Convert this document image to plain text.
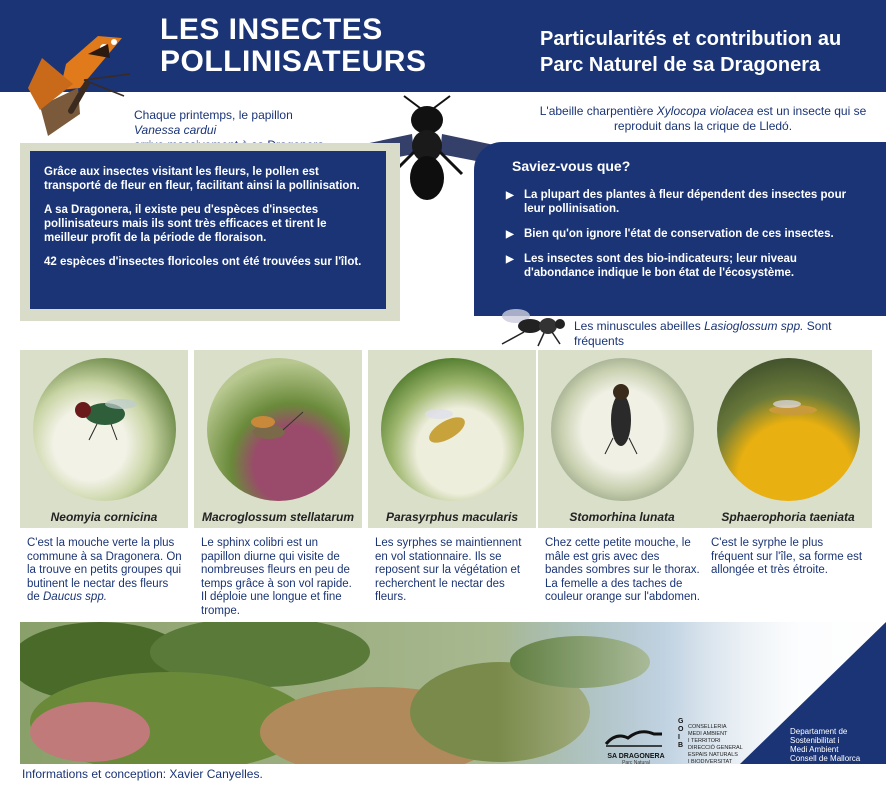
LES INSECTES
POLLINISATEURS
Particularités et contribution au
Parc Naturel de sa Dragonera
Chaque printemps, le papillon Vanessa cardui

L'abeille charpentière Xylocopa violacea est un insecte qui se
reproduit dans la crique de Lledó.

Grâce aux insectes visitant les fleurs, le pollen est transporté de fleur en fleur, facilitant ainsi la pollinisation.

A sa Dragonera, il existe peu d'espèces d'insectes pollinisateurs mais ils sont très efficaces et tirent le meilleur profit de la période de floraison.

42 espèces d'insectes floricoles ont été trouvées sur l'îlot.

Saviez-vous que?
▶ La plupart des plantes à fleur dépendent des insectes pour leur pollinisation.
▶ Bien qu'on ignore l'état de conservation de ces insectes.
▶ Les insectes sont des bio-indicateurs; leur niveau d'abondance indique le bon état de l'écosystème.
Les minuscules abeilles Lasioglossum spp. Sont fréquents

Neomyia cornicina
C'est la mouche verte la plus commune à sa Dragonera. On la trouve en petits groupes qui butinent le nectar des fleurs de Daucus spp.
Macroglossum stellatarum
Le sphinx colibri est un papillon diurne qui visite de nombreuses fleurs en peu de temps grâce à son vol rapide. Il déploie une longue et fine trompe.
Parasyrphus macularis
Les syrphes se maintiennent en vol stationnaire. Ils se reposent sur la végétation et recherchent le nectar des fleurs.
Stomorhina lunata
Chez cette petite mouche, le mâle est gris avec des bandes sombres sur le thorax. La femelle a des taches de couleur orange sur l'abdomen.
Sphaerophoria taeniata
C'est le syrphe le plus fréquent sur l'île, sa forme est allongée et très étroite.
SA DRAGONERA
Parc Natural
G O I B
CONSELLERIA
MEDI AMBIENT
I TERRITORI
DIRECCIÓ GENERAL
ESPAIS NATURALS
I BIODIVERSITAT
Departament de
Sostenibilitat i
Medi Ambient
Consell de Mallorca
Informations et conception: Xavier Canyelles.
